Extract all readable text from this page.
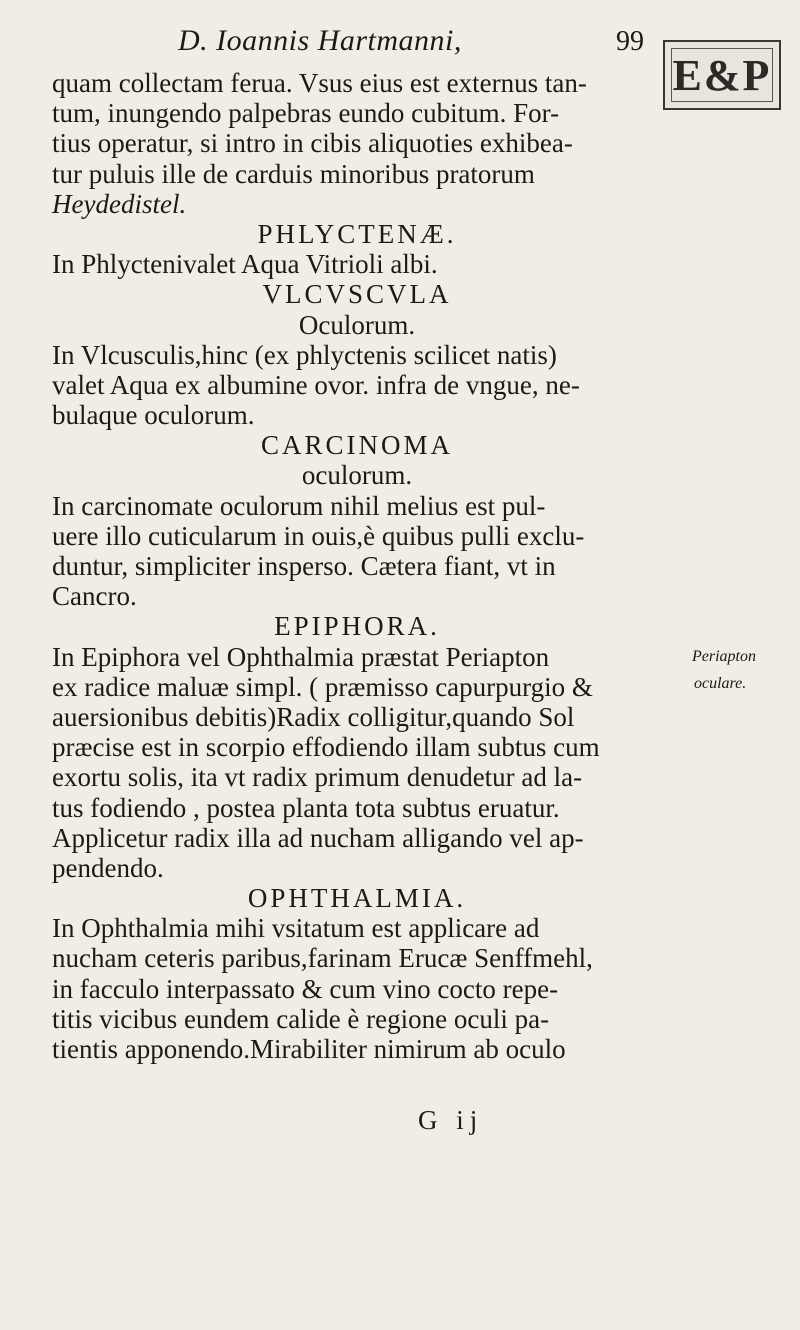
D. Ioannis Hartmanni,	99
E&P
quam collectam ferua. Vsus eius est externus tan-
tum, inungendo palpebras eundo cubitum. For-
tius operatur, si intro in cibis aliquoties exhibea-
tur puluis ille de carduis minoribus pratorum
Heydedistel.
PHLYCTENÆ.
In Phlyctenivalet Aqua Vitrioli albi.
VLCVSCVLA
Oculorum.
In Vlcusculis,hinc (ex phlyctenis scilicet natis)
valet Aqua ex albumine ovor. infra de vngue, ne-
bulaque oculorum.
CARCINOMA
oculorum.
In carcinomate oculorum nihil melius est pul-
uere illo cuticularum in ouis,è quibus pulli exclu-
duntur, simpliciter inspersо. Cætera fiant, vt in
Cancro.
EPIPHORA.
In Epiphora vel Ophthalmia præstat Periapton
ex radice maluæ simpl. ( præmisso capurpurgio &
auersionibus debitis)Radix colligitur,quando Sol
præcise est in scorpio effodiendo illam subtus cum
exortu solis, ita vt radix primum denudetur ad la-
tus fodiendo , postea planta tota subtus eruatur.
Applicetur radix illa ad nucham alligando vel ap-
pendendo.
OPHTHALMIA.
In Ophthalmia mihi vsitatum est applicare ad
nucham ceteris paribus,farinam Erucæ Senffmehl,
in facculo interpassato & cum vino cocto repe-
titis vicibus eundem calide è regione oculi pa-
tientis apponendo.Mirabiliter nimirum ab oculo
Periapton
oculare.
G ij
